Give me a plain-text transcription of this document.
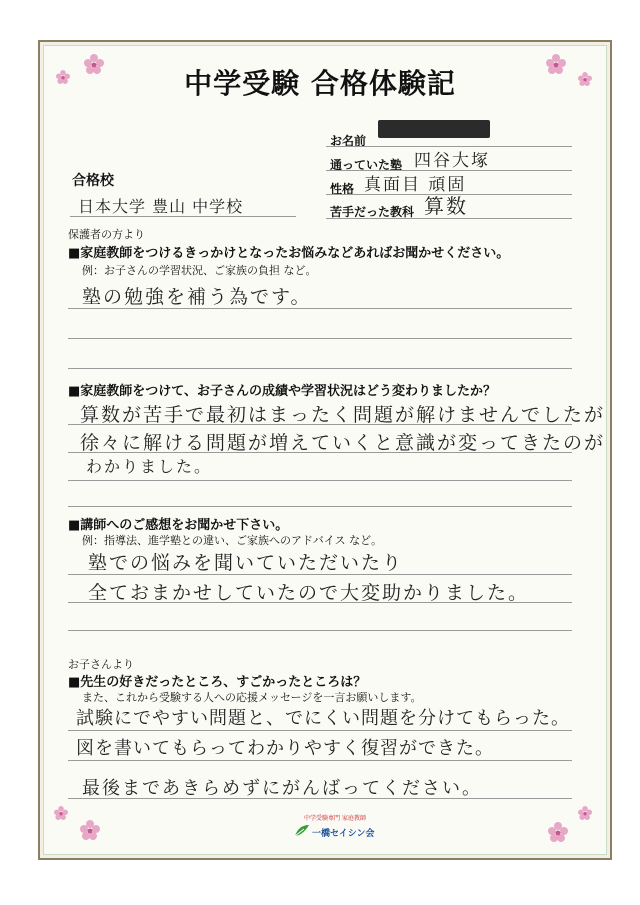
中学受験 合格体験記
お名前
通っていた塾 四谷大塚
性格 真面目 頑固
苦手だった教科 算数
合格校
日本大学 豊山 中学校
保護者の方より
■家庭教師をつけるきっかけとなったお悩みなどあればお聞かせください。
例：お子さんの学習状況、ご家族の負担 など。
塾の勉強を補う為です。
■家庭教師をつけて、お子さんの成績や学習状況はどう変わりましたか？
算数が苦手で最初はまったく問題が解けませんでしたが
徐々に解ける問題が増えていくと意識が変ってきたのが
わかりました。
■講師へのご感想をお聞かせ下さい。
例：指導法、進学塾との違い、ご家族へのアドバイス など。
塾での悩みを聞いていただいたり
全ておまかせしていたので大変助かりました。
お子さんより
■先生の好きだったところ、すごかったところは？
また、これから受験する人への応援メッセージを一言お願いします。
試験にでやすい問題と、でにくい問題を分けてもらった。
図を書いてもらってわかりやすく復習ができた。
最後まであきらめずにがんばってください。
中学受験専門 家庭教師
一橋セイシン会
